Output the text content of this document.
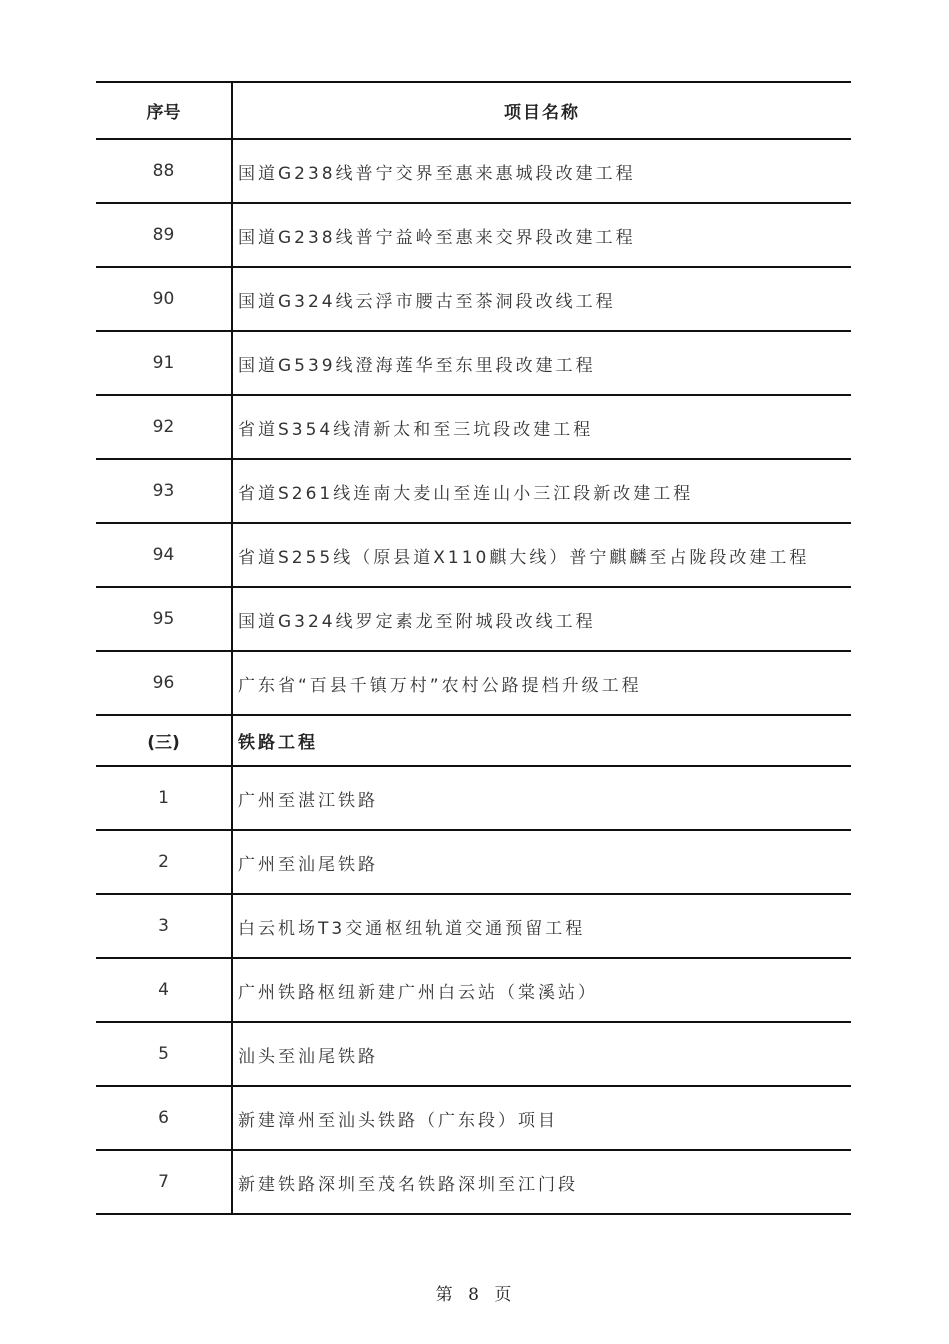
序号	项目名称
88	国道G238线普宁交界至惠来惠城段改建工程
89	国道G238线普宁益岭至惠来交界段改建工程
90	国道G324线云浮市腰古至茶洞段改线工程
91	国道G539线澄海莲华至东里段改建工程
92	省道S354线清新太和至三坑段改建工程
93	省道S261线连南大麦山至连山小三江段新改建工程
94	省道S255线（原县道X110麒大线）普宁麒麟至占陇段改建工程
95	国道G324线罗定素龙至附城段改线工程
96	广东省“百县千镇万村”农村公路提档升级工程
(三)	铁路工程
1	广州至湛江铁路
2	广州至汕尾铁路
3	白云机场T3交通枢纽轨道交通预留工程
4	广州铁路枢纽新建广州白云站（棠溪站）
5	汕头至汕尾铁路
6	新建漳州至汕头铁路（广东段）项目
7	新建铁路深圳至茂名铁路深圳至江门段
第 8 页
